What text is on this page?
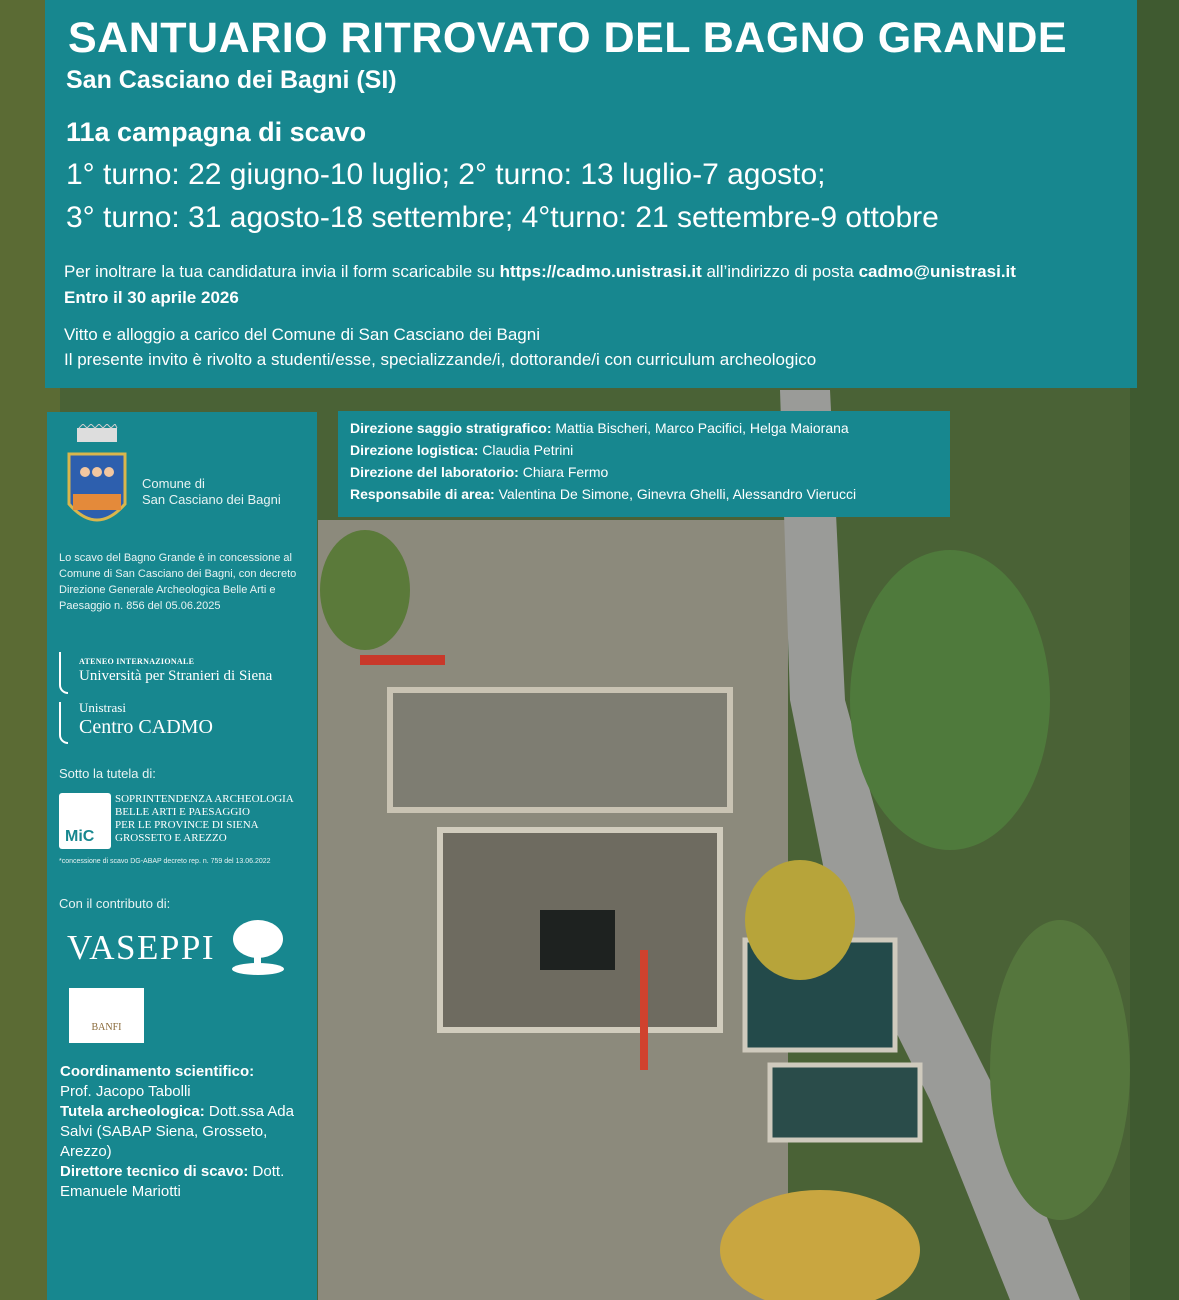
SANTUARIO RITROVATO DEL BAGNO GRANDE
San Casciano dei Bagni (SI)
11a campagna di scavo
1° turno: 22 giugno-10 luglio; 2° turno: 13 luglio-7 agosto;
3° turno: 31 agosto-18 settembre; 4°turno: 21 settembre-9 ottobre
Per inoltrare la tua candidatura invia il form scaricabile su https://cadmo.unistrasi.it all’indirizzo di posta cadmo@unistrasi.it
Entro il 30 aprile 2026
Vitto e alloggio a carico del Comune di San Casciano dei Bagni
Il presente invito è rivolto a studenti/esse, specializzande/i, dottorande/i con curriculum archeologico
Direzione saggio stratigrafico: Mattia Bischeri, Marco Pacifici, Helga Maiorana
Direzione logistica: Claudia Petrini
Direzione del laboratorio: Chiara Fermo
Responsabile di area: Valentina De Simone, Ginevra Ghelli, Alessandro Vierucci
Comune di
San Casciano dei Bagni
Lo scavo del Bagno Grande è in concessione al Comune di San Casciano dei Bagni, con decreto Direzione Generale Archeologica Belle Arti e Paesaggio n. 856 del 05.06.2025
ATENEO INTERNAZIONALE
Università per Stranieri di Siena
Unistrasi
Centro CADMO
Sotto la tutela di:
MiC
SOPRINTENDENZA ARCHEOLOGIA
BELLE ARTI E PAESAGGIO
PER LE PROVINCE DI SIENA
GROSSETO E AREZZO
*concessione di scavo DG-ABAP decreto rep. n. 759 del 13.06.2022
Con il contributo di:
VASEPPI
BANFI
Coordinamento scientifico:
Prof. Jacopo Tabolli
Tutela archeologica: Dott.ssa Ada Salvi (SABAP Siena, Grosseto, Arezzo)
Direttore tecnico di scavo: Dott. Emanuele Mariotti
